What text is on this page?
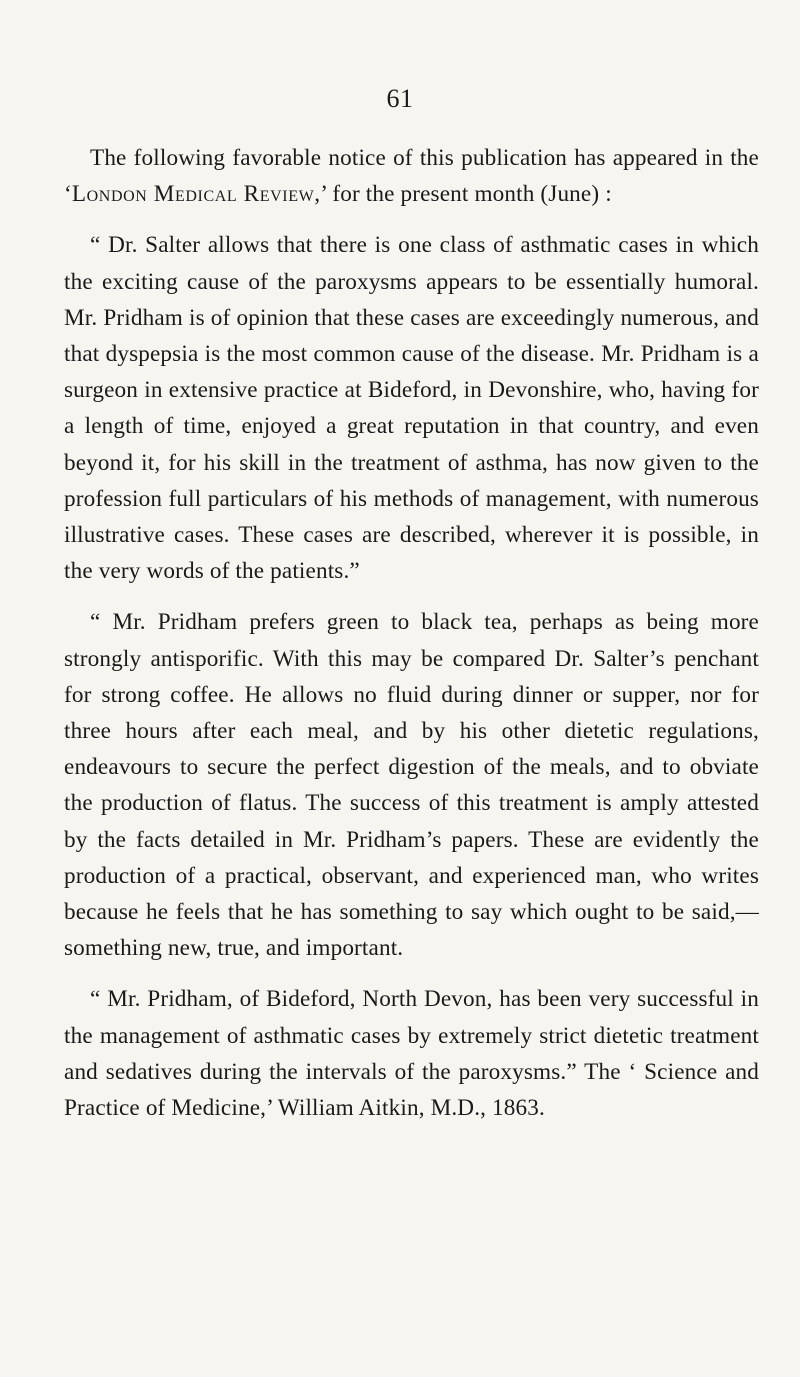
61

The following favorable notice of this publication has appeared in the ‘London Medical Review,’ for the present month (June) :

“ Dr. Salter allows that there is one class of asthmatic cases in which the exciting cause of the paroxysms appears to be essentially humoral. Mr. Pridham is of opinion that these cases are exceedingly numerous, and that dyspepsia is the most common cause of the disease. Mr. Pridham is a surgeon in extensive practice at Bideford, in Devonshire, who, having for a length of time, enjoyed a great reputation in that country, and even beyond it, for his skill in the treatment of asthma, has now given to the profession full particulars of his methods of management, with numerous illustrative cases. These cases are described, wherever it is possible, in the very words of the patients.”

“ Mr. Pridham prefers green to black tea, perhaps as being more strongly antisporific. With this may be compared Dr. Salter’s penchant for strong coffee. He allows no fluid during dinner or supper, nor for three hours after each meal, and by his other dietetic regulations, endeavours to secure the perfect digestion of the meals, and to obviate the production of flatus. The success of this treatment is amply attested by the facts detailed in Mr. Pridham’s papers. These are evidently the production of a practical, observant, and experienced man, who writes because he feels that he has something to say which ought to be said,— something new, true, and important.

“ Mr. Pridham, of Bideford, North Devon, has been very successful in the management of asthmatic cases by extremely strict dietetic treatment and sedatives during the intervals of the paroxysms.” The ‘ Science and Practice of Medicine,’ William Aitkin, M.D., 1863.
